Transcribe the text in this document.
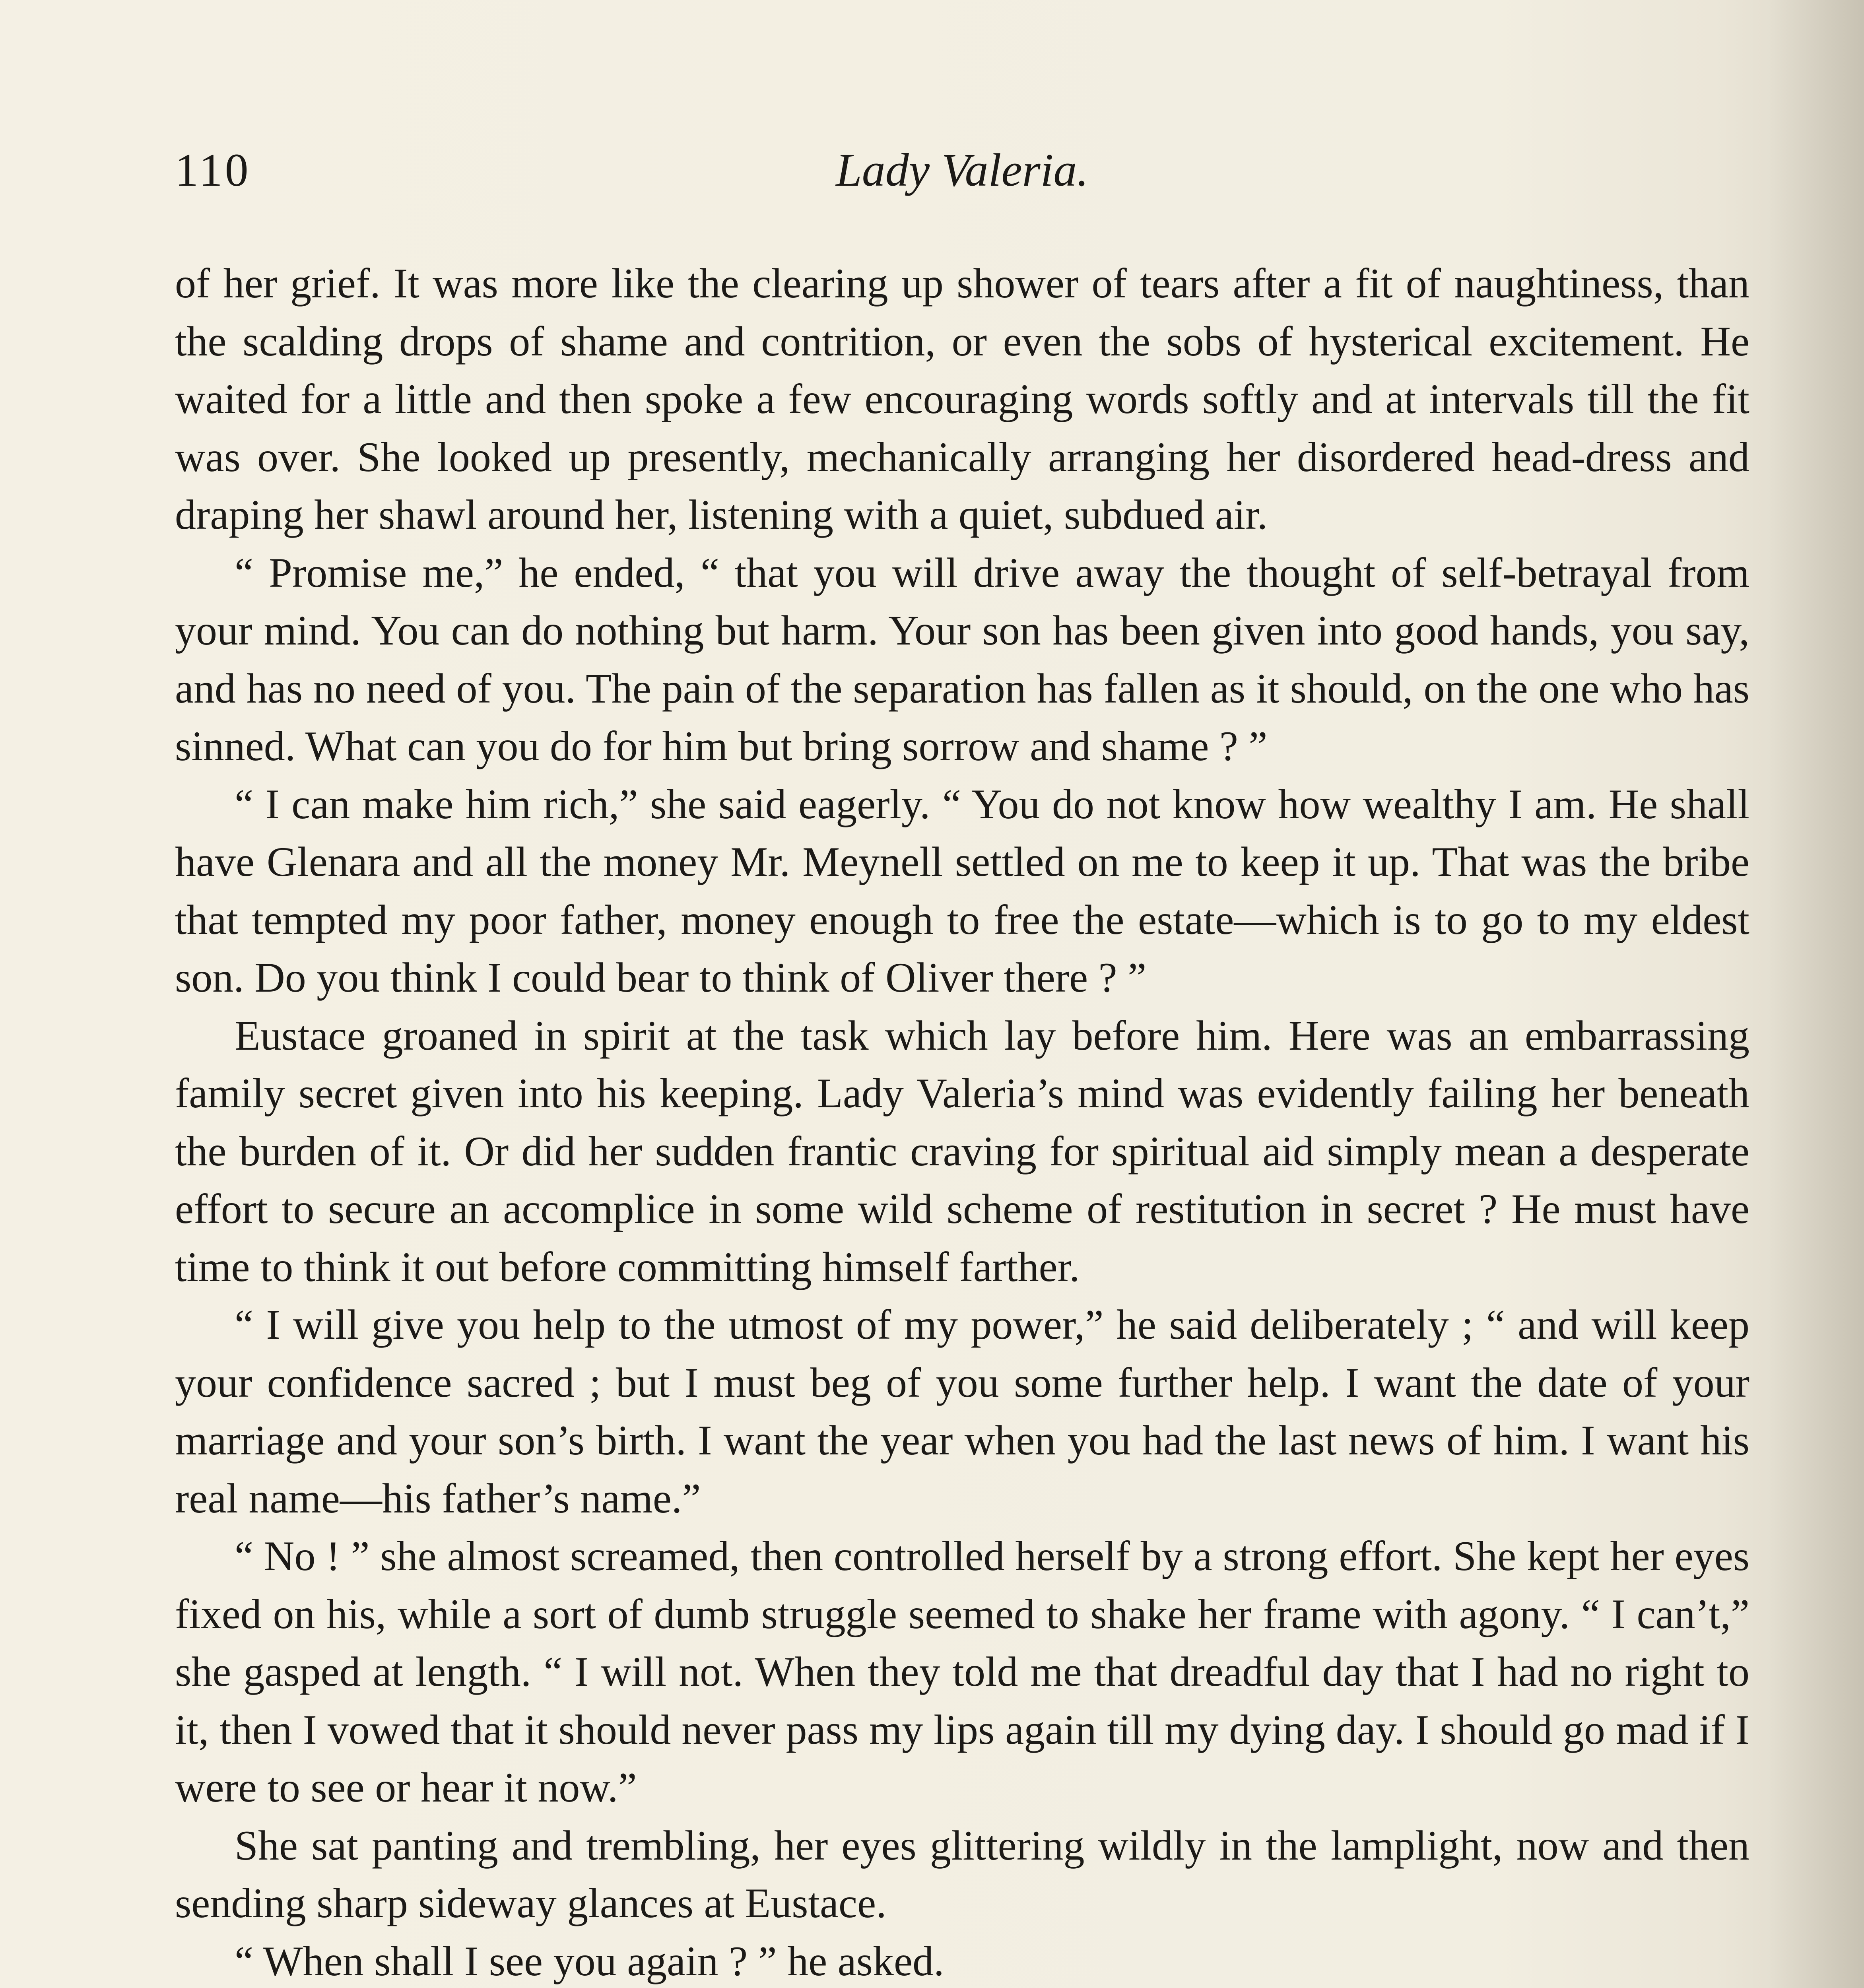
110	Lady Valeria.

of her grief. It was more like the clearing up shower of tears after a fit of naughtiness, than the scalding drops of shame and contrition, or even the sobs of hysterical excitement. He waited for a little and then spoke a few encouraging words softly and at intervals till the fit was over. She looked up presently, mechanically arranging her disordered head-dress and draping her shawl around her, listening with a quiet, subdued air.

“ Promise me,” he ended, “ that you will drive away the thought of self-betrayal from your mind. You can do nothing but harm. Your son has been given into good hands, you say, and has no need of you. The pain of the separation has fallen as it should, on the one who has sinned. What can you do for him but bring sorrow and shame ? ”

“ I can make him rich,” she said eagerly. “ You do not know how wealthy I am. He shall have Glenara and all the money Mr. Meynell settled on me to keep it up. That was the bribe that tempted my poor father, money enough to free the estate—which is to go to my eldest son. Do you think I could bear to think of Oliver there ? ”

Eustace groaned in spirit at the task which lay before him. Here was an embarrassing family secret given into his keeping. Lady Valeria’s mind was evidently failing her beneath the burden of it. Or did her sudden frantic craving for spiritual aid simply mean a desperate effort to secure an accomplice in some wild scheme of restitution in secret ? He must have time to think it out before committing himself farther.

“ I will give you help to the utmost of my power,” he said deliberately ; “ and will keep your confidence sacred ; but I must beg of you some further help. I want the date of your marriage and your son’s birth. I want the year when you had the last news of him. I want his real name—his father’s name.”

“ No ! ” she almost screamed, then controlled herself by a strong effort. She kept her eyes fixed on his, while a sort of dumb struggle seemed to shake her frame with agony. “ I can’t,” she gasped at length. “ I will not. When they told me that dreadful day that I had no right to it, then I vowed that it should never pass my lips again till my dying day. I should go mad if I were to see or hear it now.”

She sat panting and trembling, her eyes glittering wildly in the lamplight, now and then sending sharp sideway glances at Eustace.

“ When shall I see you again ? ” he asked.
